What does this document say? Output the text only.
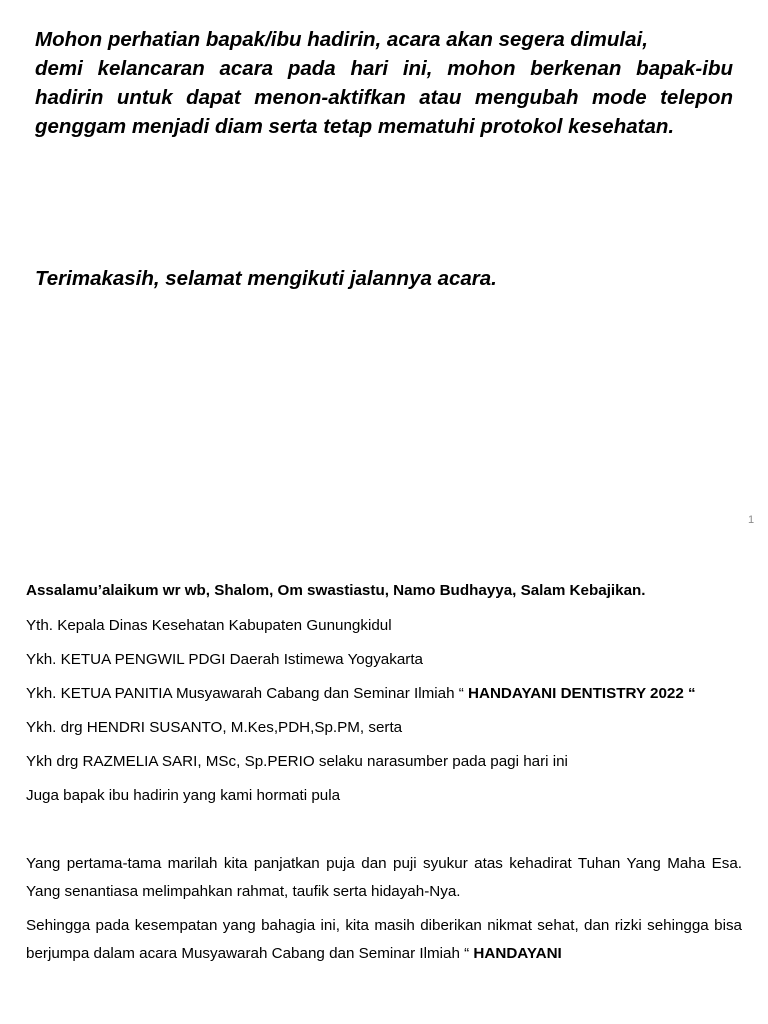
Mohon perhatian bapak/ibu hadirin, acara akan segera dimulai,
demi kelancaran acara pada hari ini, mohon berkenan bapak-ibu hadirin untuk dapat menon-aktifkan atau mengubah mode telepon genggam menjadi diam serta tetap mematuhi protokol kesehatan.

Terimakasih, selamat mengikuti jalannya acara.

1

Assalamu’alaikum wr wb, Shalom, Om swastiastu, Namo Budhayya, Salam Kebajikan.

Yth. Kepala Dinas Kesehatan Kabupaten Gunungkidul

Ykh. KETUA PENGWIL PDGI Daerah Istimewa Yogyakarta

Ykh. KETUA PANITIA Musyawarah Cabang dan Seminar Ilmiah “ HANDAYANI DENTISTRY 2022 “

Ykh. drg HENDRI SUSANTO, M.Kes,PDH,Sp.PM, serta

Ykh drg RAZMELIA SARI, MSc, Sp.PERIO selaku narasumber pada pagi hari ini

Juga bapak ibu hadirin yang kami hormati pula

Yang pertama-tama marilah kita panjatkan puja dan puji syukur atas kehadirat Tuhan Yang Maha Esa. Yang senantiasa melimpahkan rahmat, taufik serta hidayah-Nya.

Sehingga pada kesempatan yang bahagia ini, kita masih diberikan nikmat sehat, dan rizki sehingga bisa berjumpa dalam acara Musyawarah Cabang dan Seminar Ilmiah “ HANDAYANI
